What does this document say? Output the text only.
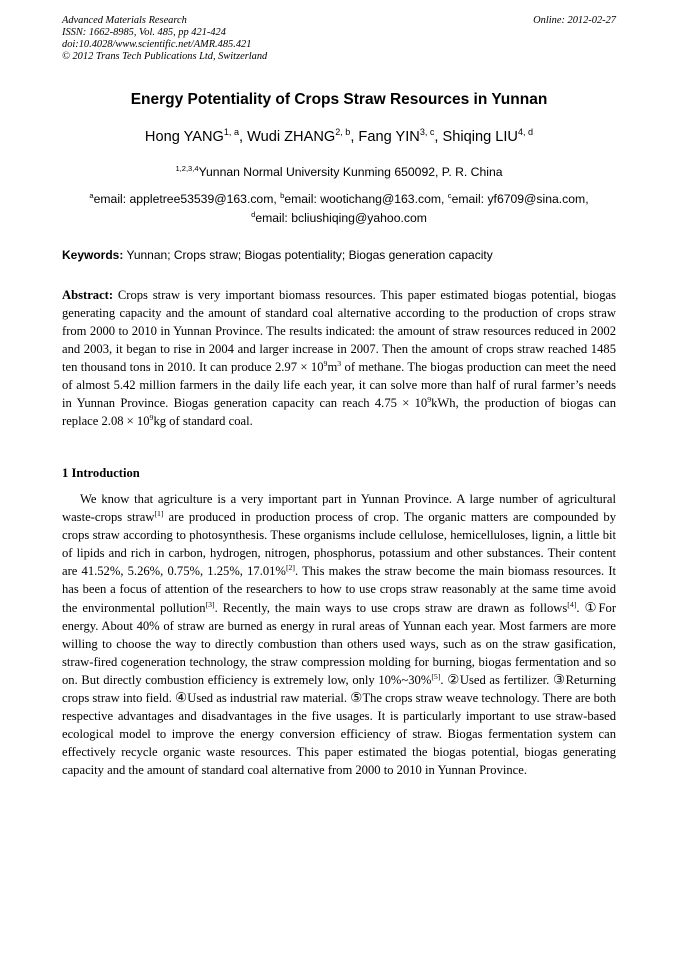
Advanced Materials Research
ISSN: 1662-8985, Vol. 485, pp 421-424
doi:10.4028/www.scientific.net/AMR.485.421
© 2012 Trans Tech Publications Ltd, Switzerland
Online: 2012-02-27
Energy Potentiality of Crops Straw Resources in Yunnan
Hong YANG$^{1, a}$, Wudi ZHANG$^{2, b}$, Fang YIN$^{3, c}$, Shiqing LIU$^{4, d}$
$^{1,2,3,4}$Yunnan Normal University Kunming 650092, P. R. China
$^a$email: appletree53539@163.com, $^b$email: wootichang@163.com, $^c$email: yf6709@sina.com,
$^d$email: bcliushiqing@yahoo.com
Keywords: Yunnan; Crops straw; Biogas potentiality; Biogas generation capacity
Abstract: Crops straw is very important biomass resources. This paper estimated biogas potential, biogas generating capacity and the amount of standard coal alternative according to the production of crops straw from 2000 to 2010 in Yunnan Province. The results indicated: the amount of straw resources reduced in 2002 and 2003, it began to rise in 2004 and larger increase in 2007. Then the amount of crops straw reached 1485 ten thousand tons in 2010. It can produce $2.97 \times 10^9m^3$ of methane. The biogas production can meet the need of almost 5.42 million farmers in the daily life each year, it can solve more than half of rural farmer’s needs in Yunnan Province. Biogas generation capacity can reach $4.75 \times 10^9kWh$, the production of biogas can replace $2.08 \times 10^9kg$ of standard coal.
1 Introduction
We know that agriculture is a very important part in Yunnan Province. A large number of agricultural waste-crops straw[1] are produced in production process of crop. The organic matters are compounded by crops straw according to photosynthesis. These organisms include cellulose, hemicelluloses, lignin, a little bit of lipids and rich in carbon, hydrogen, nitrogen, phosphorus, potassium and other substances. Their content are 41.52%, 5.26%, 0.75%, 1.25%, 17.01%[2]. This makes the straw become the main biomass resources. It has been a focus of attention of the researchers to how to use crops straw reasonably at the same time avoid the environmental pollution[3]. Recently, the main ways to use crops straw are drawn as follows[4]. ①For energy. About 40% of straw are burned as energy in rural areas of Yunnan each year. Most farmers are more willing to choose the way to directly combustion than others used ways, such as on the straw gasification, straw-fired cogeneration technology, the straw compression molding for burning, biogas fermentation and so on. But directly combustion efficiency is extremely low, only 10%~30%[5]. ②Used as fertilizer. ③Returning crops straw into field. ④Used as industrial raw material. ⑤The crops straw weave technology. There are both respective advantages and disadvantages in the five usages. It is particularly important to use straw-based ecological model to improve the energy conversion efficiency of straw. Biogas fermentation system can effectively recycle organic waste resources. This paper estimated the biogas potential, biogas generating capacity and the amount of standard coal alternative from 2000 to 2010 in Yunnan Province.
